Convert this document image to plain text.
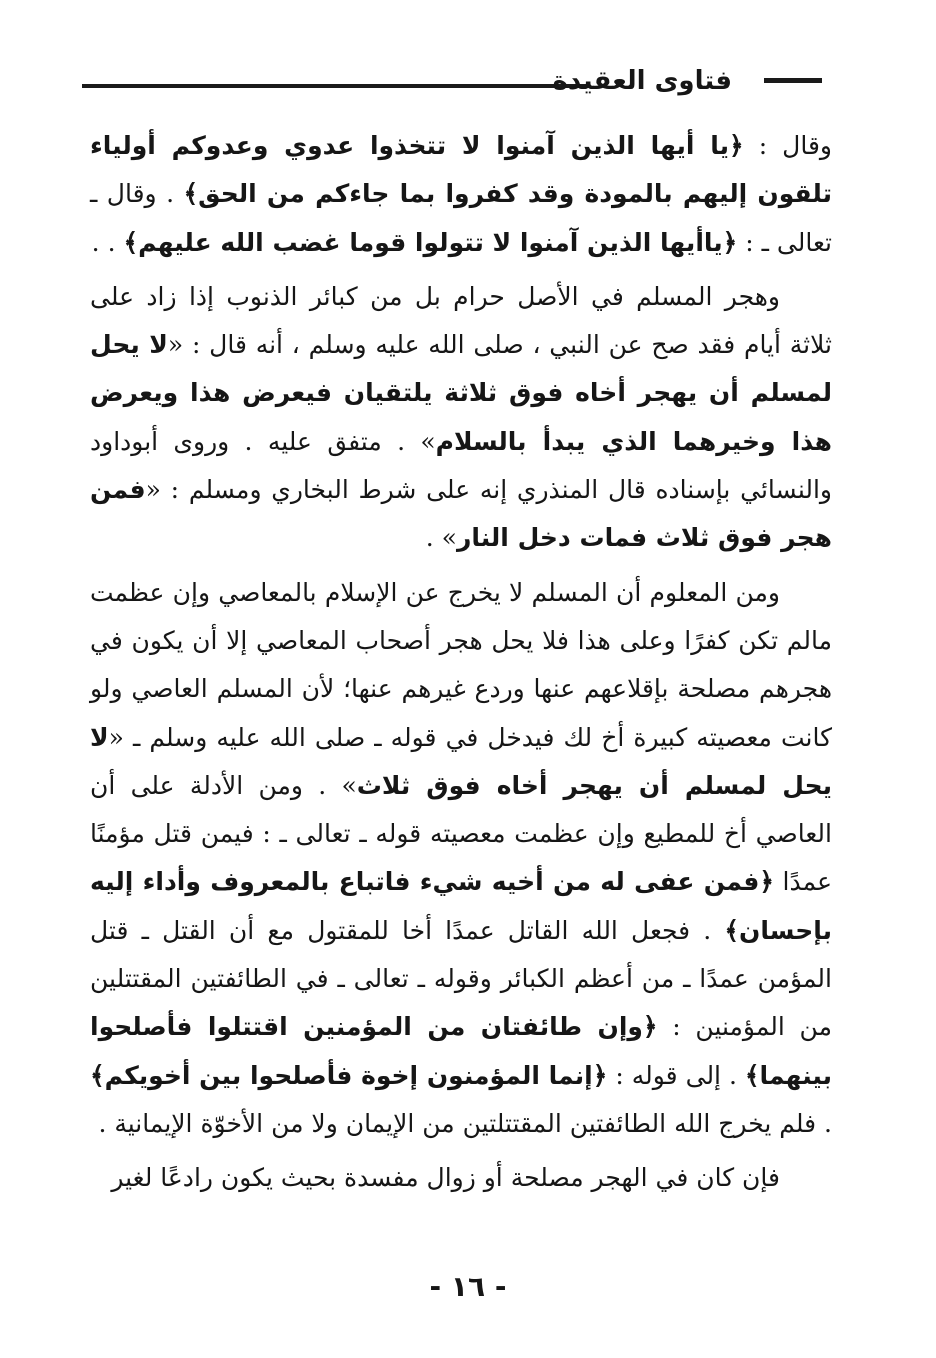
فتاوى العقيدة

وقال : ﴿يا أيها الذين آمنوا لا تتخذوا عدوي وعدوكم أولياء تلقون إليهم بالمودة وقد كفروا بما جاءكم من الحق﴾ . وقال ـ تعالى ـ : ﴿ياأيها الذين آمنوا لا تتولوا قوما غضب الله عليهم﴾ . .

وهجر المسلم في الأصل حرام بل من كبائر الذنوب إذا زاد على ثلاثة أيام فقد صح عن النبي ، صلى الله عليه وسلم ، أنه قال : «لا يحل لمسلم أن يهجر أخاه فوق ثلاثة يلتقيان فيعرض هذا ويعرض هذا وخيرهما الذي يبدأ بالسلام» . متفق عليه . وروى أبوداود والنسائي بإسناده قال المنذري إنه على شرط البخاري ومسلم : «فمن هجر فوق ثلاث فمات دخل النار» .

ومن المعلوم أن المسلم لا يخرج عن الإسلام بالمعاصي وإن عظمت مالم تكن كفرًا وعلى هذا فلا يحل هجر أصحاب المعاصي إلا أن يكون في هجرهم مصلحة بإقلاعهم عنها وردع غيرهم عنها؛ لأن المسلم العاصي ولو كانت معصيته كبيرة أخ لك فيدخل في قوله ـ صلى الله عليه وسلم ـ «لا يحل لمسلم أن يهجر أخاه فوق ثلاث» . ومن الأدلة على أن العاصي أخ للمطيع وإن عظمت معصيته قوله ـ تعالى ـ : فيمن قتل مؤمنًا عمدًا ﴿فمن عفى له من أخيه شيء فاتباع بالمعروف وأداء إليه بإحسان﴾ . فجعل الله القاتل عمدًا أخا للمقتول مع أن القتل ـ قتل المؤمن عمدًا ـ من أعظم الكبائر وقوله ـ تعالى ـ في الطائفتين المقتتلين من المؤمنين : ﴿وإن طائفتان من المؤمنين اقتتلوا فأصلحوا بينهما﴾ . إلى قوله : ﴿إنما المؤمنون إخوة فأصلحوا بين أخويكم﴾ . فلم يخرج الله الطائفتين المقتتلتين من الإيمان ولا من الأخوّة الإيمانية .

فإن كان في الهجر مصلحة أو زوال مفسدة بحيث يكون رادعًا لغير

- ١٦ -
